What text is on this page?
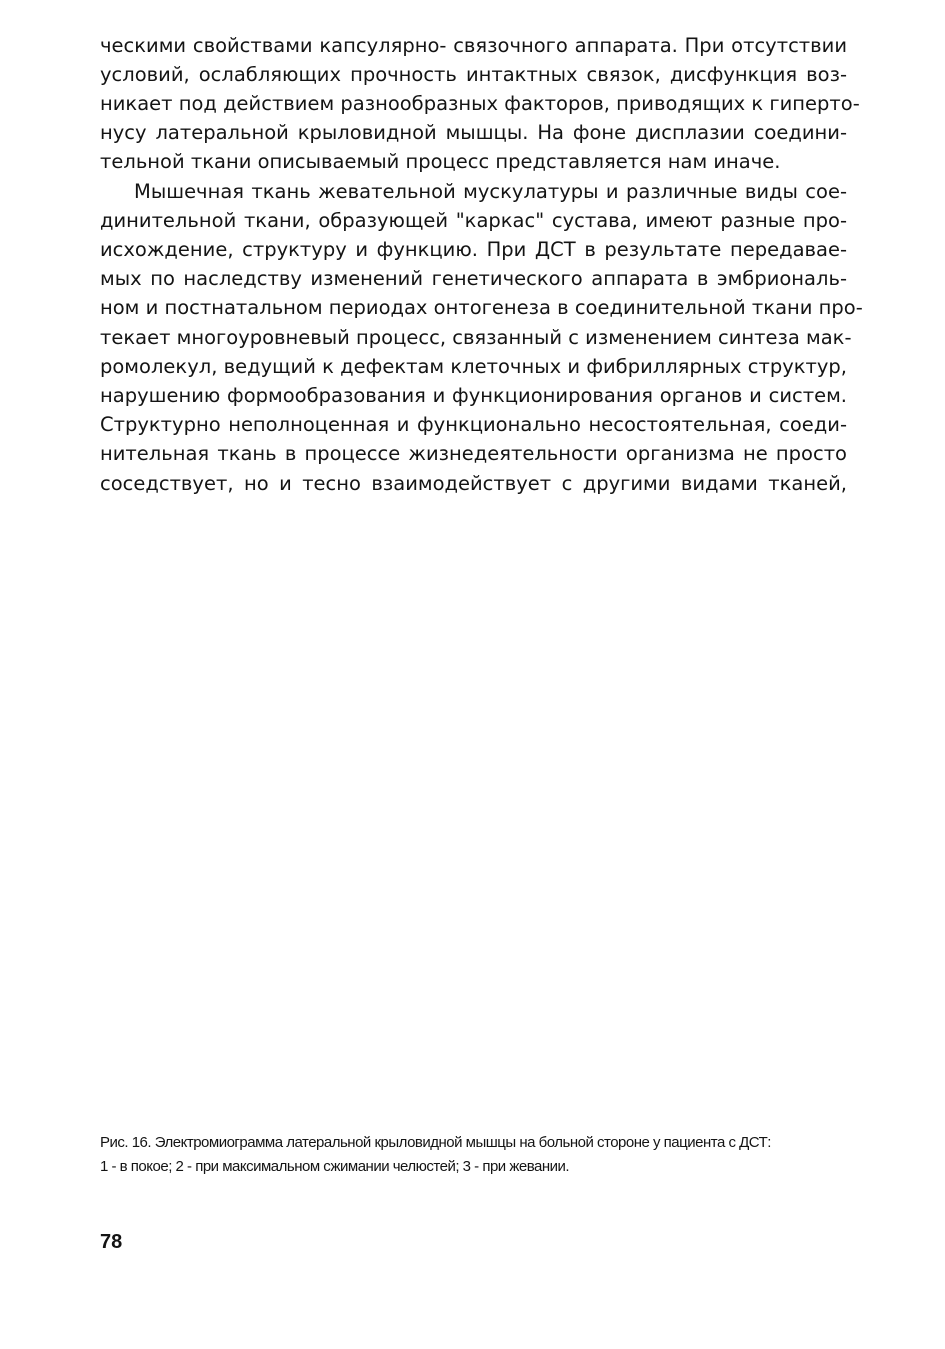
ческими свойствами капсулярно- связочного аппарата. При отсутствии
условий, ослабляющих прочность интактных связок, дисфункция воз-
никает под действием разнообразных факторов, приводящих к гиперто-
нусу латеральной крыловидной мышцы. На фоне дисплазии соедини-
тельной ткани описываемый процесс представляется нам иначе.
Мышечная ткань жевательной мускулатуры и различные виды сое-
динительной ткани, образующей "каркас" сустава, имеют разные про-
исхождение, структуру и функцию. При ДСТ в результате передавае-
мых по наследству изменений генетического аппарата в эмбриональ-
ном и постнатальном периодах онтогенеза в соединительной ткани про-
текает многоуровневый процесс, связанный с изменением синтеза мак-
ромолекул, ведущий к дефектам клеточных и фибриллярных структур,
нарушению формообразования и функционирования органов и систем.
Структурно неполноценная и функционально несостоятельная, соеди-
нительная ткань в процессе жизнедеятельности организма не просто
соседствует, но и тесно взаимодействует с другими видами тканей,
Рис. 16. Электромиограмма латеральной крыловидной мышцы на больной стороне у пациента с ДСТ:
1 - в покое; 2 - при максимальном сжимании челюстей; 3 - при жевании.
78
